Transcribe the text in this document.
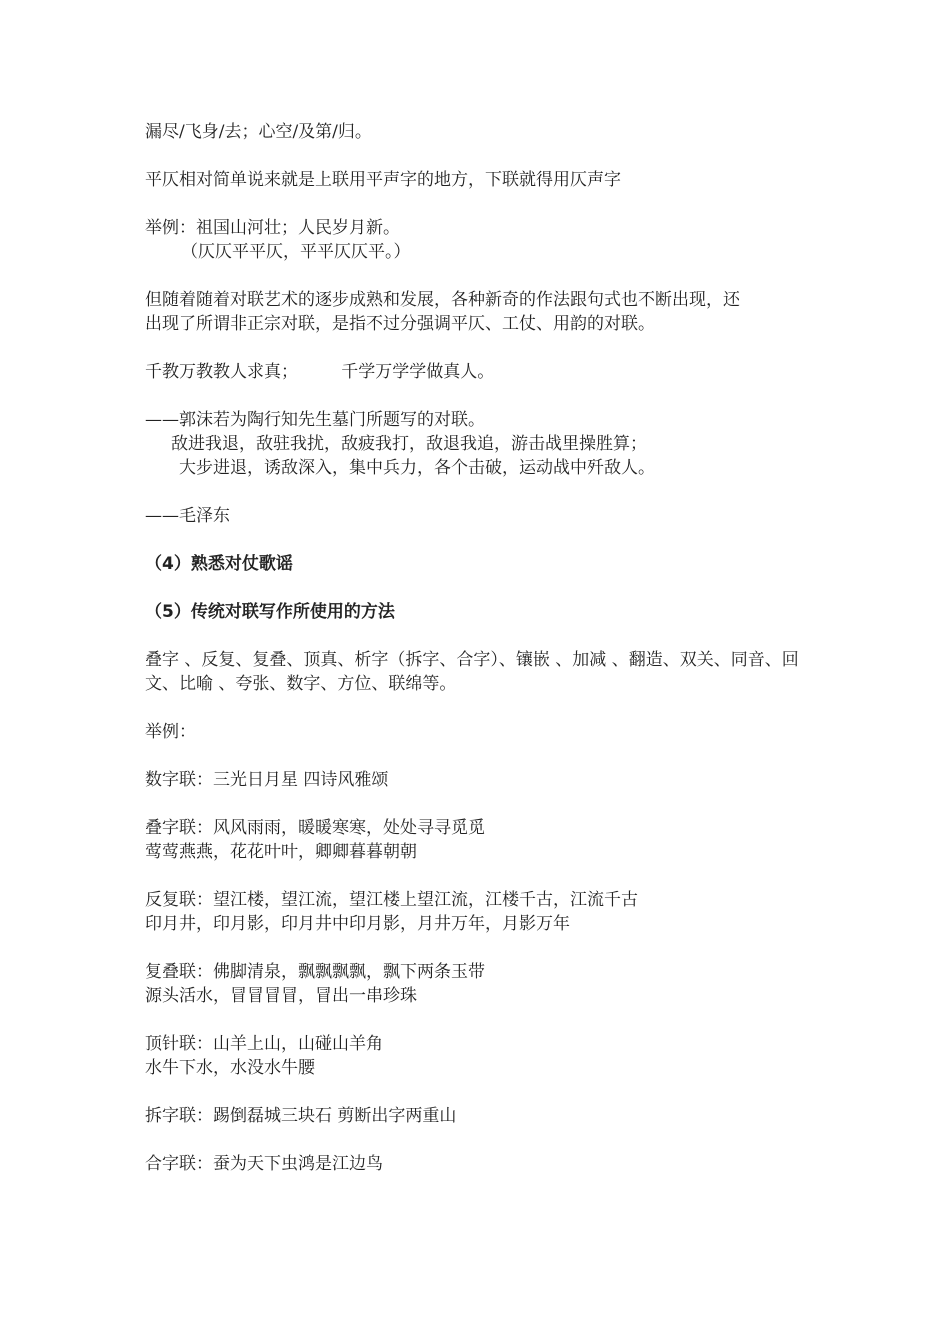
漏尽/飞身/去；心空/及第/归。

平仄相对简单说来就是上联用平声字的地方，下联就得用仄声字

举例：祖国山河壮；人民岁月新。

（仄仄平平仄，平平仄仄平。）

但随着随着对联艺术的逐步成熟和发展，各种新奇的作法跟句式也不断出现，还

出现了所谓非正宗对联，是指不过分强调平仄、工仗、用韵的对联。

千教万教教人求真；        千学万学学做真人。

——郭沫若为陶行知先生墓门所题写的对联。

敌进我退，敌驻我扰，敌疲我打，敌退我追，游击战里操胜算；

大步进退，诱敌深入，集中兵力，各个击破，运动战中歼敌人。

——毛泽东

（4）熟悉对仗歌谣

（5）传统对联写作所使用的方法

叠字 、反复、复叠、顶真、析字（拆字、合字）、镶嵌 、加减 、翻造、双关、同音、回

文、比喻 、夸张、数字、方位、联绵等。

举例：

数字联：三光日月星 四诗风雅颂

叠字联：风风雨雨，暖暖寒寒，处处寻寻觅觅

莺莺燕燕，花花叶叶，卿卿暮暮朝朝

反复联：望江楼，望江流，望江楼上望江流，江楼千古，江流千古

印月井，印月影，印月井中印月影，月井万年，月影万年

复叠联：佛脚清泉，飘飘飘飘，飘下两条玉带

源头活水，冒冒冒冒，冒出一串珍珠

顶针联：山羊上山，山碰山羊角

水牛下水，水没水牛腰

拆字联：踢倒磊城三块石 剪断出字两重山

合字联：蚕为天下虫鸿是江边鸟
